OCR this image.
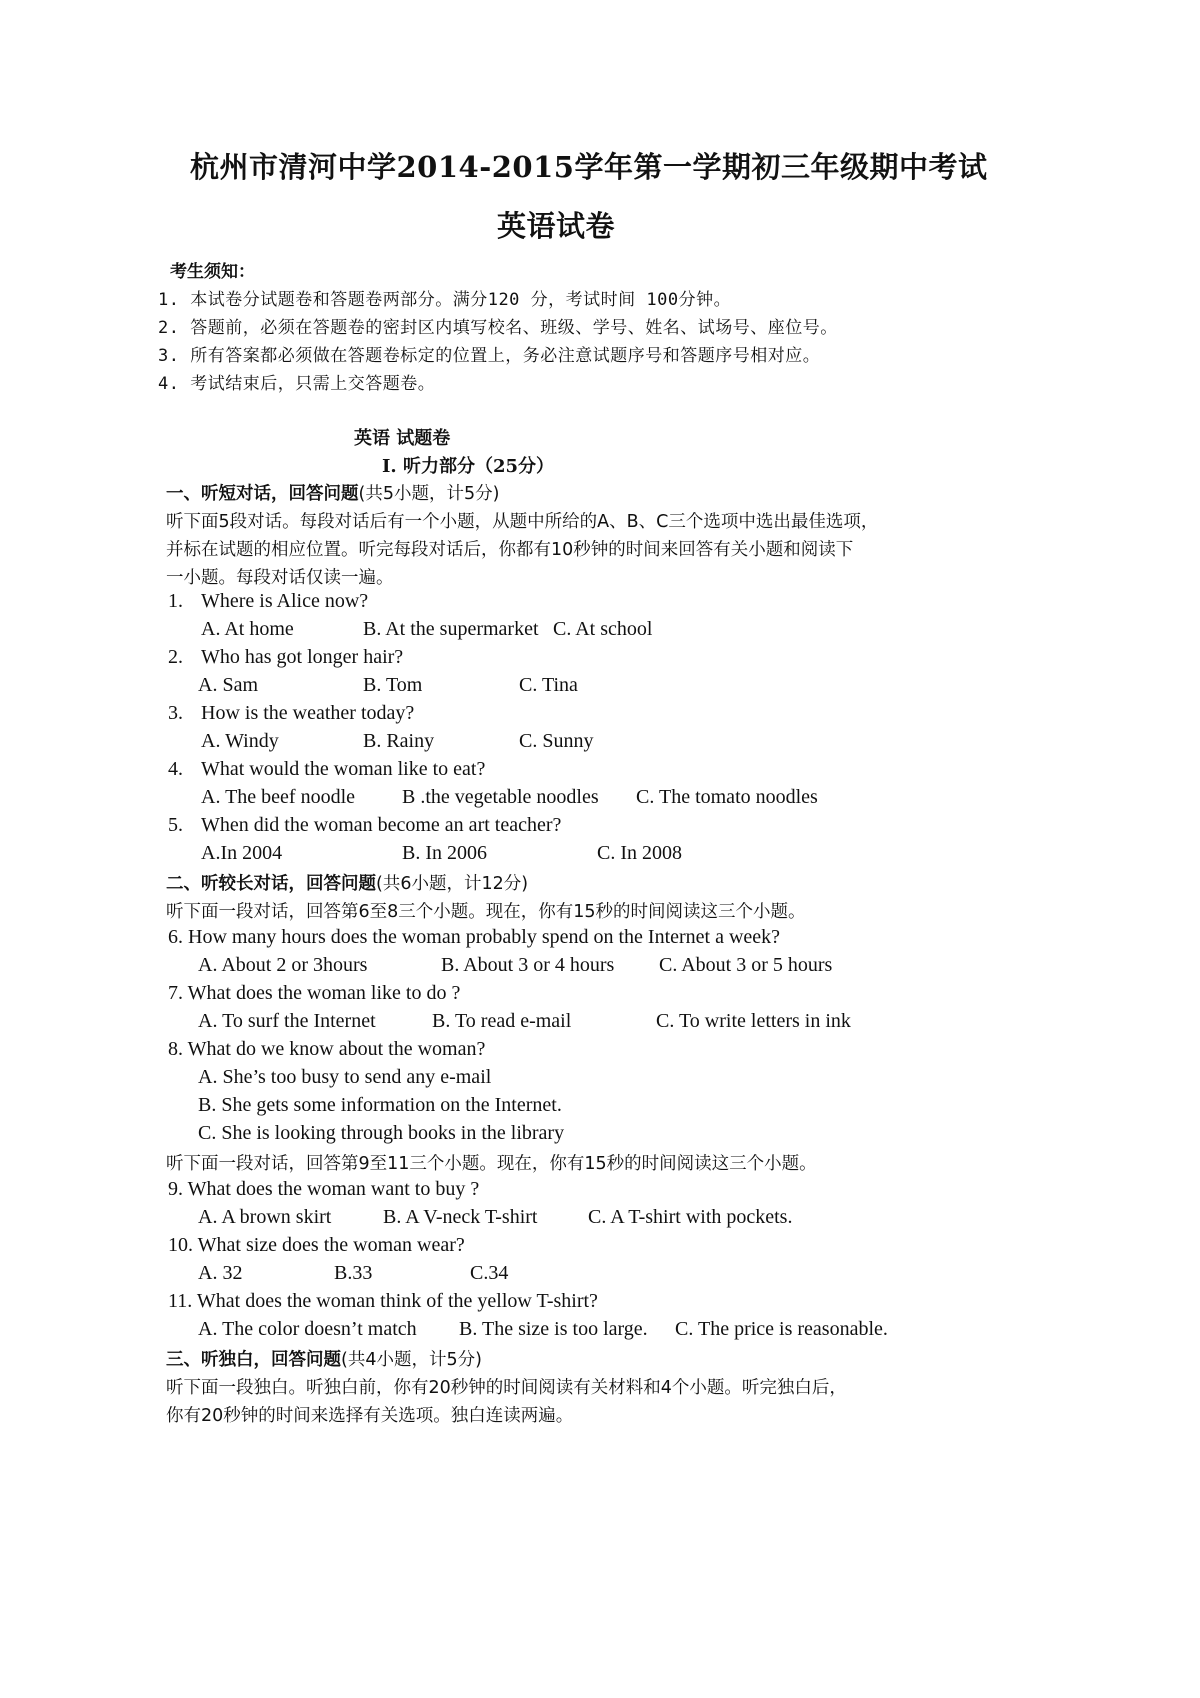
杭州市清河中学2014-2015学年第一学期初三年级期中考试
英语试卷
考生须知：
1. 本试卷分试题卷和答题卷两部分。满分120 分，考试时间 100分钟。
2. 答题前，必须在答题卷的密封区内填写校名、班级、学号、姓名、试场号、座位号。
3. 所有答案都必须做在答题卷标定的位置上，务必注意试题序号和答题序号相对应。
4. 考试结束后，只需上交答题卷。
英语 试题卷
I. 听力部分（25分）
一、听短对话，回答问题(共5小题，计5分)
听下面5段对话。每段对话后有一个小题，从题中所给的A、B、C三个选项中选出最佳选项，
并标在试题的相应位置。听完每段对话后，你都有10秒钟的时间来回答有关小题和阅读下
一小题。每段对话仅读一遍。
1. Where is Alice now?
A. At home	B. At the supermarket C. At school
2. Who has got longer hair?
A. Sam	B. Tom	C. Tina
3. How is the weather today?
A. Windy	B. Rainy	C. Sunny
4. What would the woman like to eat?
A. The beef noodle B .the vegetable noodles C. The tomato noodles
5. When did the woman become an art teacher?
A.In 2004	B. In 2006	C. In 2008
二、听较长对话，回答问题(共6小题，计12分)
听下面一段对话，回答第6至8三个小题。现在，你有15秒的时间阅读这三个小题。
6. How many hours does the woman probably spend on the Internet a week?
A. About 2 or 3hours	B. About 3 or 4 hours C. About 3 or 5 hours
7. What does the woman like to do ?
A. To surf the Internet	B. To read e-mail	C. To write letters in ink
8. What do we know about the woman?
A. She’s too busy to send any e-mail
B. She gets some information on the Internet.
C. She is looking through books in the library
听下面一段对话，回答第9至11三个小题。现在，你有15秒的时间阅读这三个小题。
9. What does the woman want to buy ?
A. A brown skirt	B. A V-neck T-shirt	C. A T-shirt with pockets.
10. What size does the woman wear?
A. 32	B.33	C.34
11. What does the woman think of the yellow T-shirt?
A. The color doesn’t match B. The size is too large. C. The price is reasonable.
三、听独白，回答问题(共4小题，计5分)
听下面一段独白。听独白前，你有20秒钟的时间阅读有关材料和4个小题。听完独白后，
你有20秒钟的时间来选择有关选项。独白连读两遍。
